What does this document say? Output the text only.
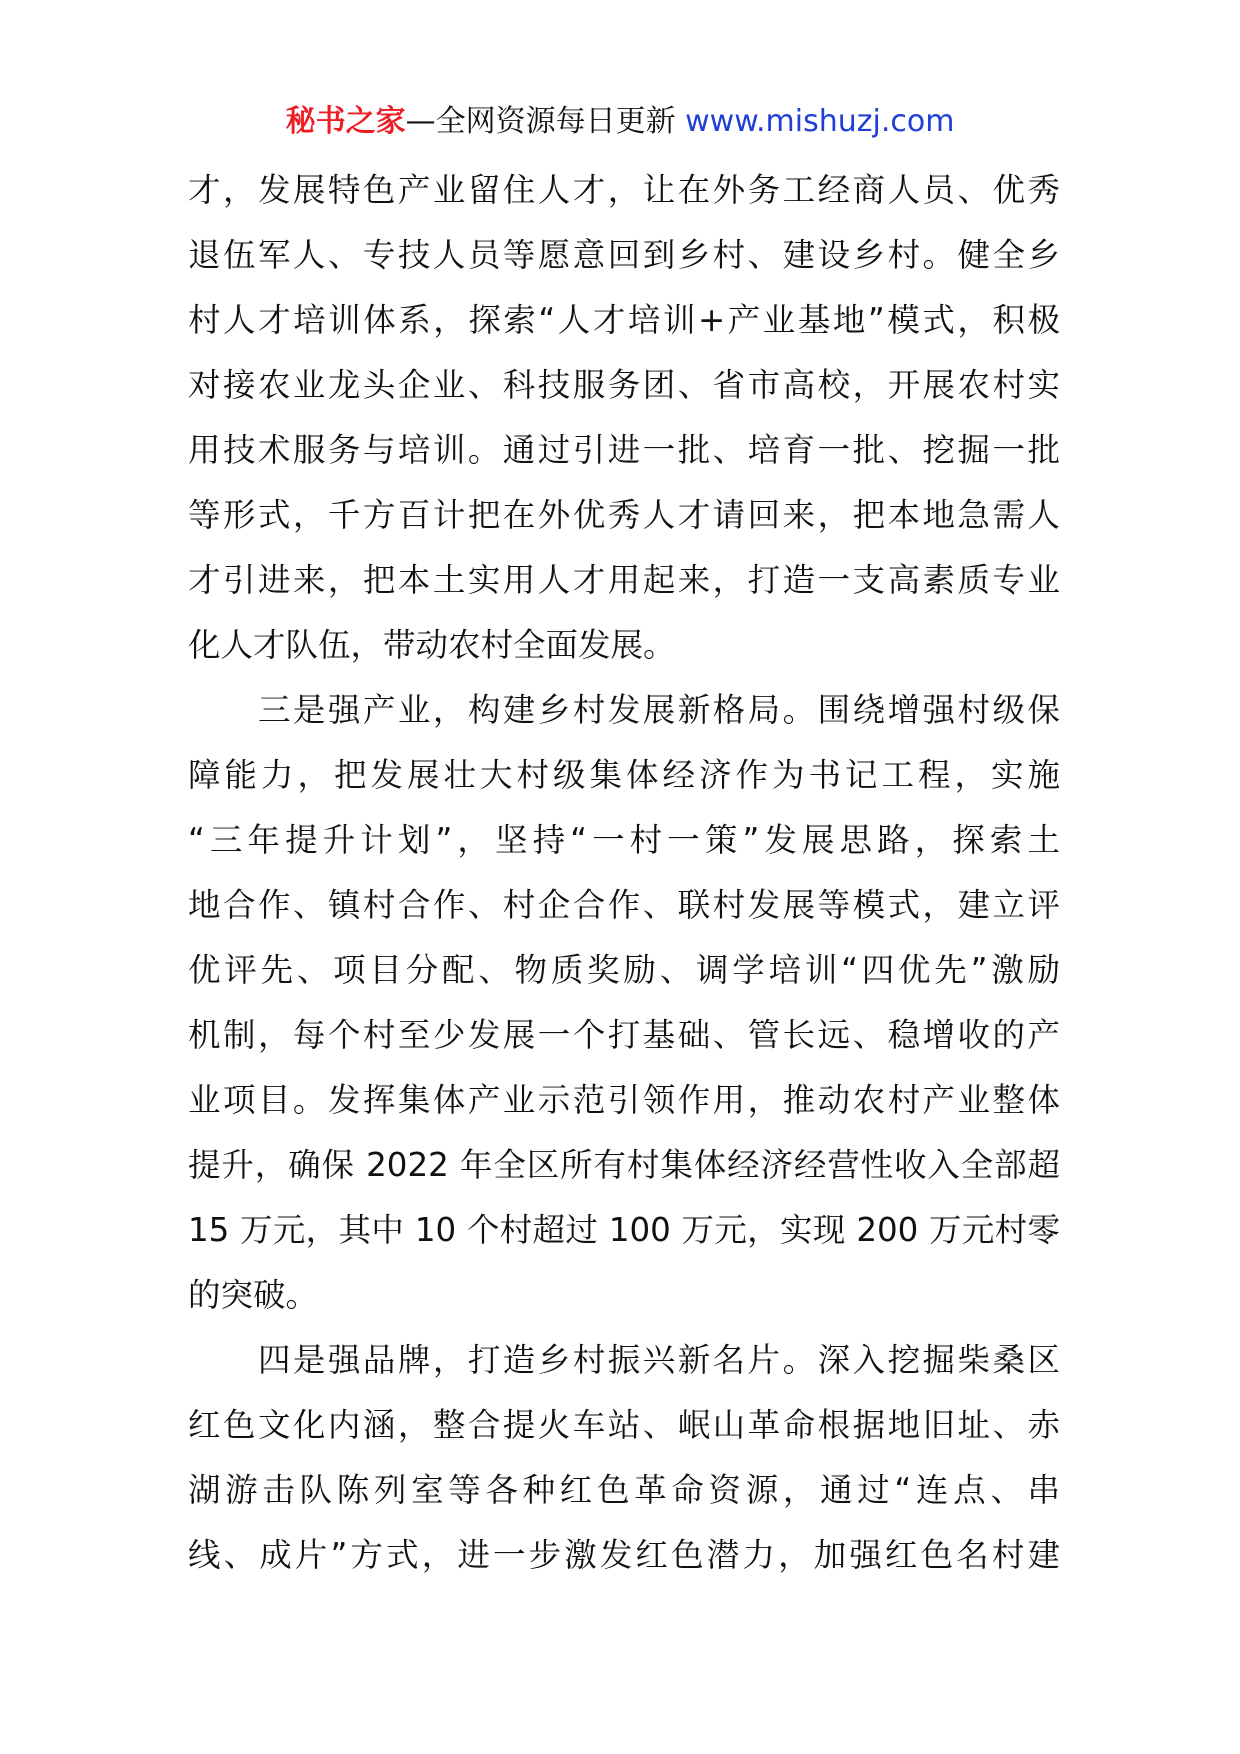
秘书之家—全网资源每日更新 www.mishuzj.com
才，发展特色产业留住人才，让在外务工经商人员、优秀
退伍军人、专技人员等愿意回到乡村、建设乡村。健全乡
村人才培训体系，探索“人才培训+产业基地”模式，积极
对接农业龙头企业、科技服务团、省市高校，开展农村实
用技术服务与培训。通过引进一批、培育一批、挖掘一批
等形式，千方百计把在外优秀人才请回来，把本地急需人
才引进来，把本土实用人才用起来，打造一支高素质专业
化人才队伍，带动农村全面发展。
　　三是强产业，构建乡村发展新格局。围绕增强村级保
障能力，把发展壮大村级集体经济作为书记工程，实施
“三年提升计划”，坚持“一村一策”发展思路，探索土
地合作、镇村合作、村企合作、联村发展等模式，建立评
优评先、项目分配、物质奖励、调学培训“四优先”激励
机制，每个村至少发展一个打基础、管长远、稳增收的产
业项目。发挥集体产业示范引领作用，推动农村产业整体
提升，确保 2022 年全区所有村集体经济经营性收入全部超
15 万元，其中 10 个村超过 100 万元，实现 200 万元村零
的突破。
　　四是强品牌，打造乡村振兴新名片。深入挖掘柴桑区
红色文化内涵，整合提火车站、岷山革命根据地旧址、赤
湖游击队陈列室等各种红色革命资源，通过“连点、串
线、成片”方式，进一步激发红色潜力，加强红色名村建
